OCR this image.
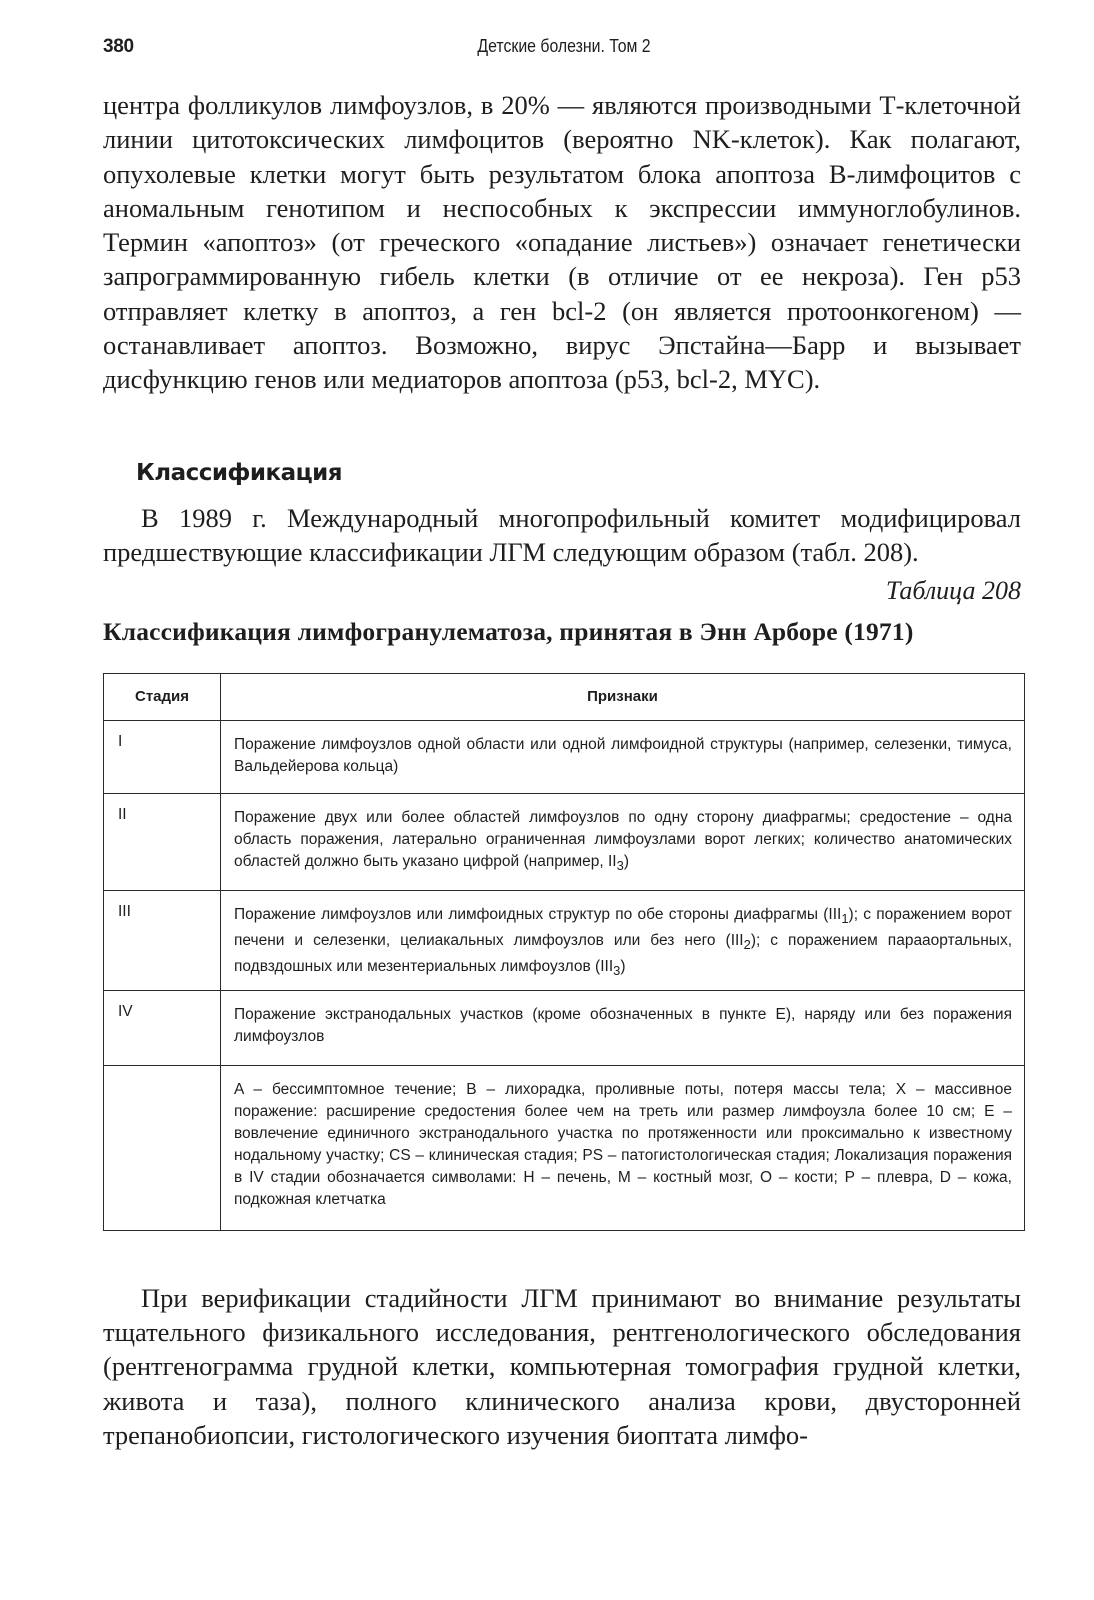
380	Детские болезни. Том 2

центра фолликулов лимфоузлов, в 20% — являются производными Т-клеточной линии цитотоксических лимфоцитов (вероятно NK-клеток). Как полагают, опухолевые клетки могут быть результатом блока апоптоза В-лимфоцитов с аномальным генотипом и неспособных к экспрессии иммуноглобулинов. Термин «апоптоз» (от греческого «опадание листьев») означает генетически запрограммированную гибель клетки (в отличие от ее некроза). Ген p53 отправляет клетку в апоптоз, а ген bcl-2 (он является протоонкогеном) — останавливает апоптоз. Возможно, вирус Эпстайна—Барр и вызывает дисфункцию генов или медиаторов апоптоза (p53, bcl-2, MYC).

Классификация

В 1989 г. Международный многопрофильный комитет модифицировал предшествующие классификации ЛГМ следующим образом (табл. 208).

Таблица 208
Классификация лимфогранулематоза, принятая в Энн Арборе (1971)
Стадия	Признаки
I	Поражение лимфоузлов одной области или одной лимфоидной структуры (например, селезенки, тимуса, Вальдейерова кольца)
II	Поражение двух или более областей лимфоузлов по одну сторону диафрагмы; средостение – одна область поражения, латерально ограниченная лимфоузлами ворот легких; количество анатомических областей должно быть указано цифрой (например, $II_3$)
III	Поражение лимфоузлов или лимфоидных структур по обе стороны диафрагмы $(III_1)$; с поражением ворот печени и селезенки, целиакальных лимфоузлов или без него $(III_2)$; с поражением парааортальных, подвздошных или мезентериальных лимфоузлов $(III_3)$
IV	Поражение экстранодальных участков (кроме обозначенных в пункте E), наряду или без поражения лимфоузлов
	A – бессимптомное течение; B – лихорадка, проливные поты, потеря массы тела; X – массивное поражение: расширение средостения более чем на треть или размер лимфоузла более 10 см; E – вовлечение единичного экстранодального участка по протяженности или проксимально к известному нодальному участку; CS – клиническая стадия; PS – патогистологическая стадия; Локализация поражения в IV стадии обозначается символами: H – печень, M – костный мозг, O – кости; P – плевра, D – кожа, подкожная клетчатка

При верификации стадийности ЛГМ принимают во внимание результаты тщательного физикального исследования, рентгенологического обследования (рентгенограмма грудной клетки, компьютерная томография грудной клетки, живота и таза), полного клинического анализа крови, двусторонней трепанобиопсии, гистологического изучения биоптата лимфо-
